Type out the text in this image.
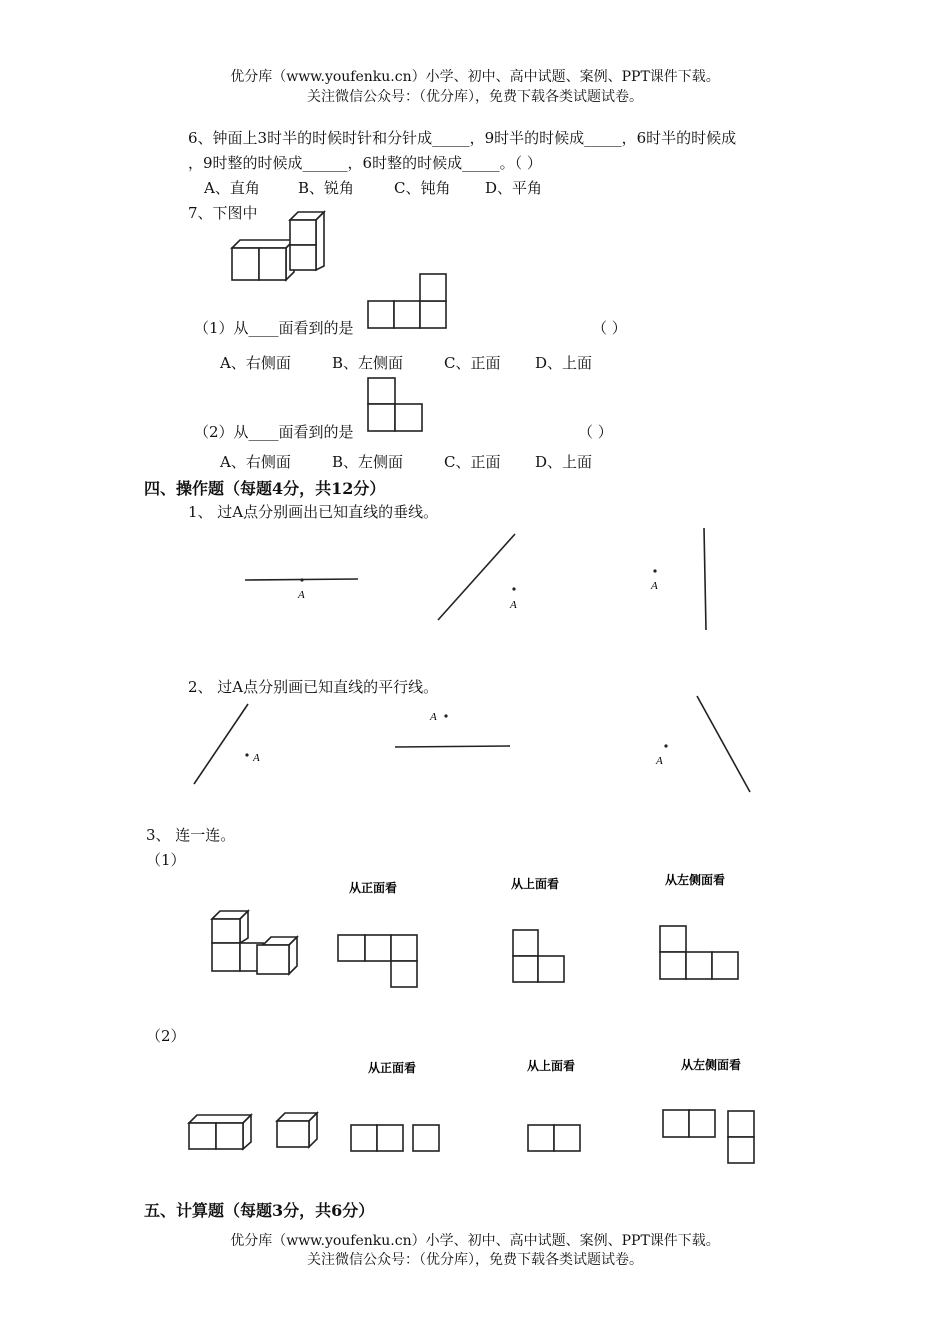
优分库（www.youfenku.cn）小学、初中、高中试题、案例、PPT课件下载。
关注微信公众号：（优分库），免费下载各类试题试卷。
6、钟面上3时半的时候时针和分针成_____，9时半的时候成_____，6时半的时候成
，9时整的时候成______，6时整的时候成_____。（ ）
A、直角	B、锐角	C、钝角 D、平角
7、下图中
（1）从____面看到的是	（ ）
A、右侧面	B、左侧面	C、正面 D、上面
（2）从____面看到的是	（ ）
A、右侧面	B、左侧面	C、正面 D、上面
四、操作题（每题4分，共12分）
1、 过A点分别画出已知直线的垂线。
A
A
A
2、 过A点分别画已知直线的平行线。
A
A
A
3、 连一连。
（1）
从正面看	从上面看	从左侧面看
（2）
从正面看	从上面看	从左侧面看
五、计算题（每题3分，共6分）
优分库（www.youfenku.cn）小学、初中、高中试题、案例、PPT课件下载。
关注微信公众号：（优分库），免费下载各类试题试卷。
